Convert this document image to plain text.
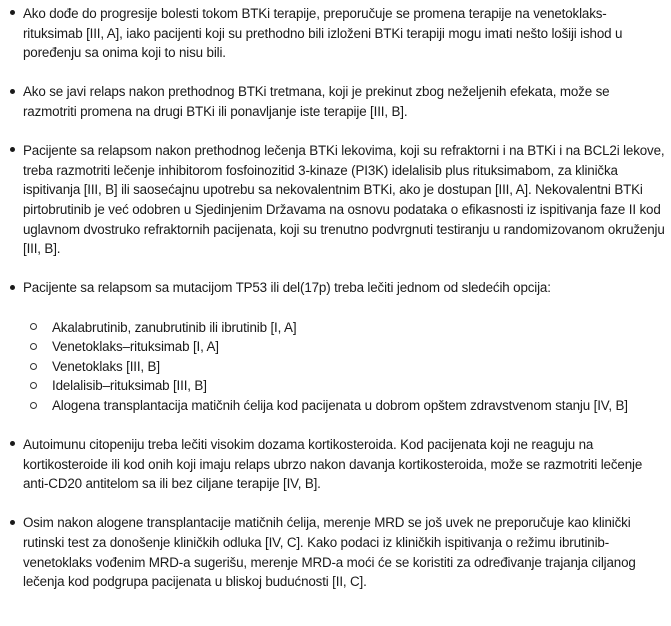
Ako dođe do progresije bolesti tokom BTKi terapije, preporučuje se promena terapije na venetoklaks-rituksimab [III, A], iako pacijenti koji su prethodno bili izloženi BTKi terapiji mogu imati nešto lošiji ishod u poređenju sa onima koji to nisu bili.
Ako se javi relaps nakon prethodnog BTKi tretmana, koji je prekinut zbog neželjenih efekata, može se razmotriti promena na drugi BTKi ili ponavljanje iste terapije [III, B].
Pacijente sa relapsom nakon prethodnog lečenja BTKi lekovima, koji su refraktorni i na BTKi i na BCL2i lekove, treba razmotriti lečenje inhibitorom fosfoinozitid 3-kinaze (PI3K) idelalisib plus rituksimabom, za klinička ispitivanja [III, B] ili saosećajnu upotrebu sa nekovalentnim BTKi, ako je dostupan [III, A]. Nekovalentni BTKi pirtobrutinib je već odobren u Sjedinjenim Državama na osnovu podataka o efikasnosti iz ispitivanja faze II kod uglavnom dvostruko refraktornih pacijenata, koji su trenutno podvrgnuti testiranju u randomizovanom okruženju [III, B].
Pacijente sa relapsom sa mutacijom TP53 ili del(17p) treba lečiti jednom od sledećih opcija:
Akalabrutinib, zanubrutinib ili ibrutinib [I, A]
Venetoklaks–rituksimab [I, A]
Venetoklaks [III, B]
Idelalisib–rituksimab [III, B]
Alogena transplantacija matičnih ćelija kod pacijenata u dobrom opštem zdravstvenom stanju [IV, B]
Autoimunu citopeniju treba lečiti visokim dozama kortikosteroida. Kod pacijenata koji ne reaguju na kortikosteroide ili kod onih koji imaju relaps ubrzo nakon davanja kortikosteroida, može se razmotriti lečenje anti-CD20 antitelom sa ili bez ciljane terapije [IV, B].
Osim nakon alogene transplantacije matičnih ćelija, merenje MRD se još uvek ne preporučuje kao klinički rutinski test za donošenje kliničkih odluka [IV, C]. Kako podaci iz kliničkih ispitivanja o režimu ibrutinib-venetoklaks vođenim MRD-a sugerišu, merenje MRD-a moći će se koristiti za određivanje trajanja ciljanog lečenja kod podgrupa pacijenata u bliskoj budućnosti [II, C].
